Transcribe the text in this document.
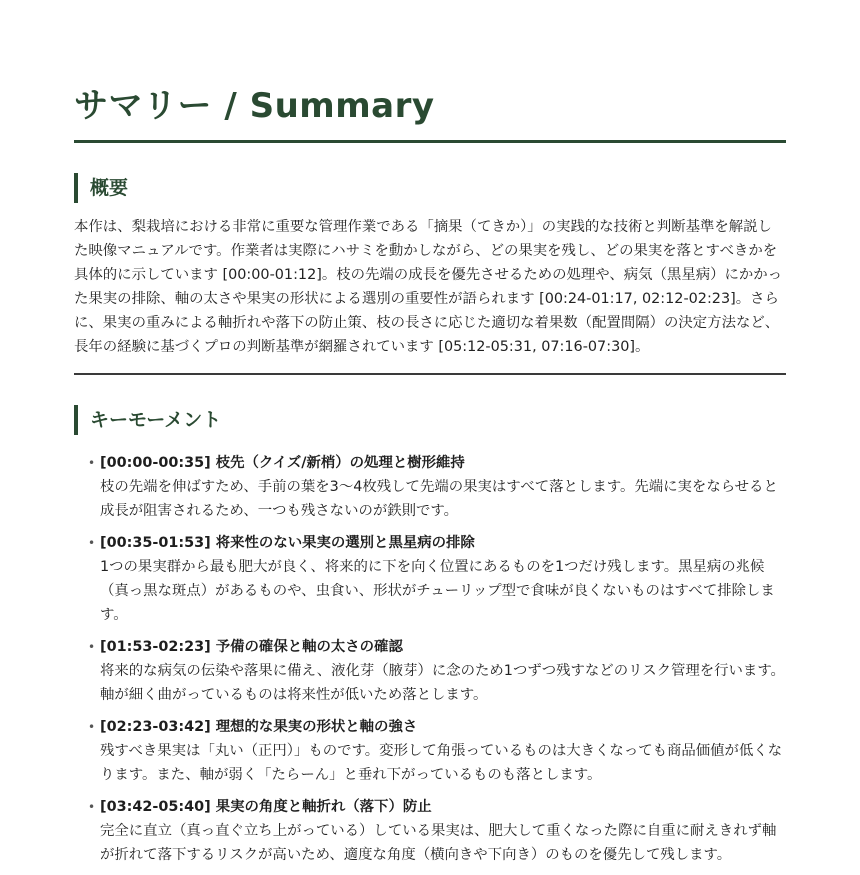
サマリー / Summary
概要

本作は、梨栽培における非常に重要な管理作業である「摘果（てきか）」の実践的な技術と判断基準を解説した映像マニュアルです。作業者は実際にハサミを動かしながら、どの果実を残し、どの果実を落とすべきかを具体的に示しています [00:00-01:12]。枝の先端の成長を優先させるための処理や、病気（黒星病）にかかった果実の排除、軸の太さや果実の形状による選別の重要性が語られます [00:24-01:17, 02:12-02:23]。さらに、果実の重みによる軸折れや落下の防止策、枝の長さに応じた適切な着果数（配置間隔）の決定方法など、長年の経験に基づくプロの判断基準が網羅されています [05:12-05:31, 07:16-07:30]。

キーモーメント
• [00:00-00:35] 枝先（クイズ/新梢）の処理と樹形維持
枝の先端を伸ばすため、手前の葉を3〜4枚残して先端の果実はすべて落とします。先端に実をならせると成長が阻害されるため、一つも残さないのが鉄則です。
• [00:35-01:53] 将来性のない果実の選別と黒星病の排除
1つの果実群から最も肥大が良く、将来的に下を向く位置にあるものを1つだけ残します。黒星病の兆候（真っ黒な斑点）があるものや、虫食い、形状がチューリップ型で食味が良くないものはすべて排除します。
• [01:53-02:23] 予備の確保と軸の太さの確認
将来的な病気の伝染や落果に備え、液化芽（腋芽）に念のため1つずつ残すなどのリスク管理を行います。軸が細く曲がっているものは将来性が低いため落とします。
• [02:23-03:42] 理想的な果実の形状と軸の強さ
残すべき果実は「丸い（正円）」ものです。変形して角張っているものは大きくなっても商品価値が低くなります。また、軸が弱く「たらーん」と垂れ下がっているものも落とします。
• [03:42-05:40] 果実の角度と軸折れ（落下）防止
完全に直立（真っ直ぐ立ち上がっている）している果実は、肥大して重くなった際に自重に耐えきれず軸が折れて落下するリスクが高いため、適度な角度（横向きや下向き）のものを優先して残します。
